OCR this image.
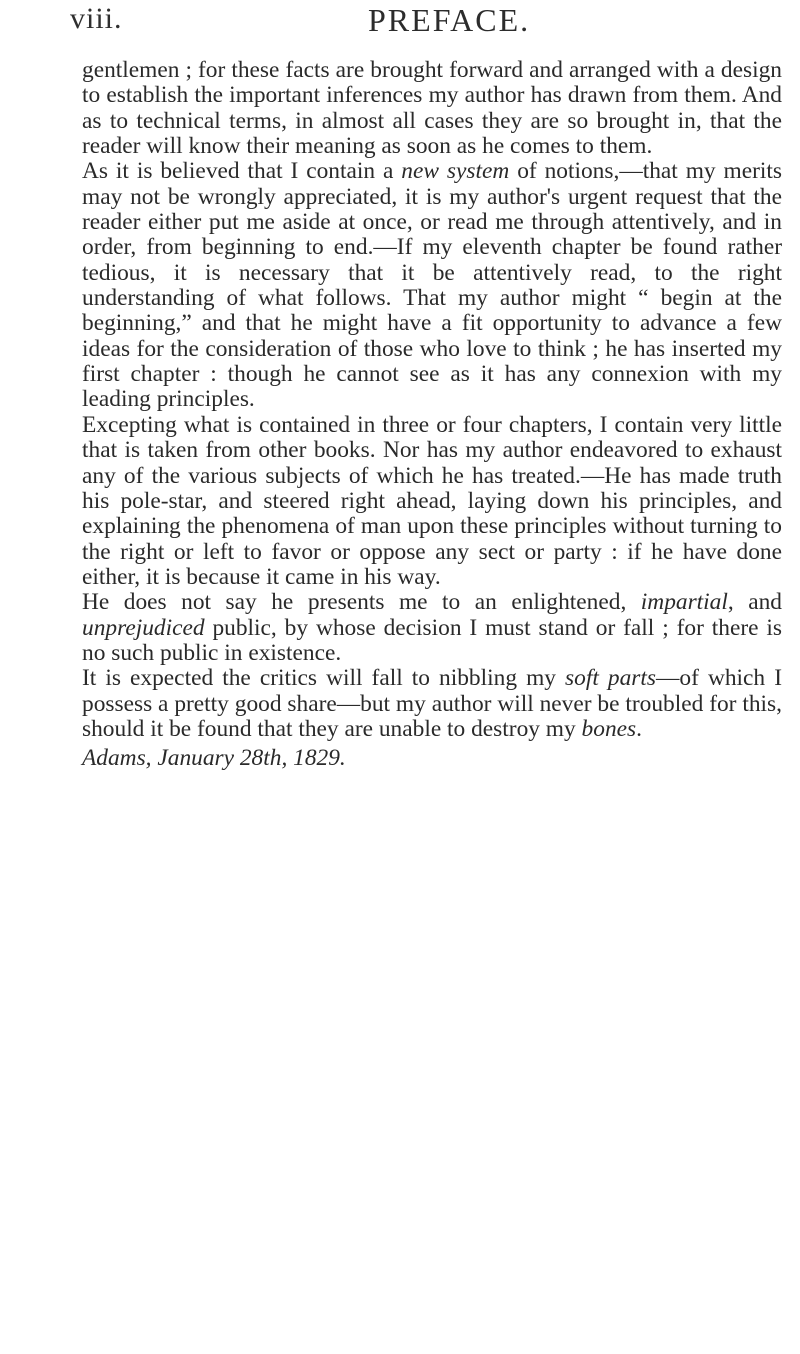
viii.	PREFACE.

gentlemen ; for these facts are brought forward and arranged with a design to establish the important inferences my author has drawn from them. And as to technical terms, in almost all cases they are so brought in, that the reader will know their meaning as soon as he comes to them.

As it is believed that I contain a new system of notions,—that my merits may not be wrongly appreciated, it is my author's urgent request that the reader either put me aside at once, or read me through attentively, and in order, from beginning to end.—If my eleventh chapter be found rather tedious, it is necessary that it be attentively read, to the right understanding of what follows. That my author might “ begin at the beginning,” and that he might have a fit opportunity to advance a few ideas for the consideration of those who love to think ; he has inserted my first chapter : though he cannot see as it has any connexion with my leading principles.

Excepting what is contained in three or four chapters, I contain very little that is taken from other books. Nor has my author endeavored to exhaust any of the various subjects of which he has treated.—He has made truth his pole-star, and steered right ahead, laying down his principles, and explaining the phenomena of man upon these principles without turning to the right or left to favor or oppose any sect or party : if he have done either, it is because it came in his way.

He does not say he presents me to an enlightened, impartial, and unprejudiced public, by whose decision I must stand or fall ; for there is no such public in existence.

It is expected the critics will fall to nibbling my soft parts—of which I possess a pretty good share—but my author will never be troubled for this, should it be found that they are unable to destroy my bones.

Adams, January 28th, 1829.
